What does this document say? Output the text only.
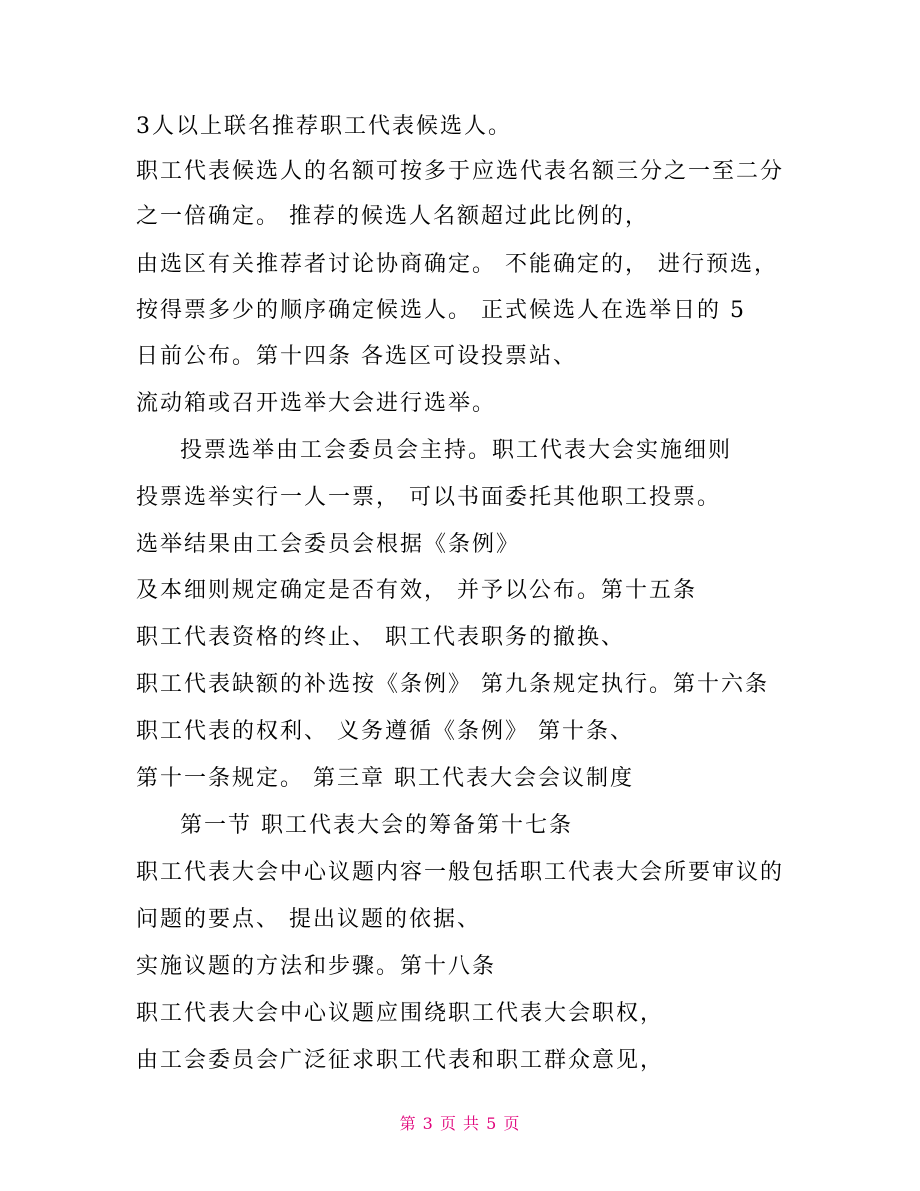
3人以上联名推荐职工代表候选人。
职工代表候选人的名额可按多于应选代表名额三分之一至二分
之一倍确定。 推荐的候选人名额超过此比例的，
由选区有关推荐者讨论协商确定。 不能确定的， 进行预选，
按得票多少的顺序确定候选人。 正式候选人在选举日的 5
日前公布。第十四条 各选区可设投票站、
流动箱或召开选举大会进行选举。
投票选举由工会委员会主持。职工代表大会实施细则
投票选举实行一人一票， 可以书面委托其他职工投票。
选举结果由工会委员会根据《条例》
及本细则规定确定是否有效， 并予以公布。第十五条
职工代表资格的终止、 职工代表职务的撤换、
职工代表缺额的补选按《条例》 第九条规定执行。第十六条
职工代表的权利、 义务遵循《条例》 第十条、
第十一条规定。 第三章 职工代表大会会议制度
第一节 职工代表大会的筹备第十七条
职工代表大会中心议题内容一般包括职工代表大会所要审议的
问题的要点、 提出议题的依据、
实施议题的方法和步骤。第十八条
职工代表大会中心议题应围绕职工代表大会职权，
由工会委员会广泛征求职工代表和职工群众意见，
第 3 页 共 5 页
